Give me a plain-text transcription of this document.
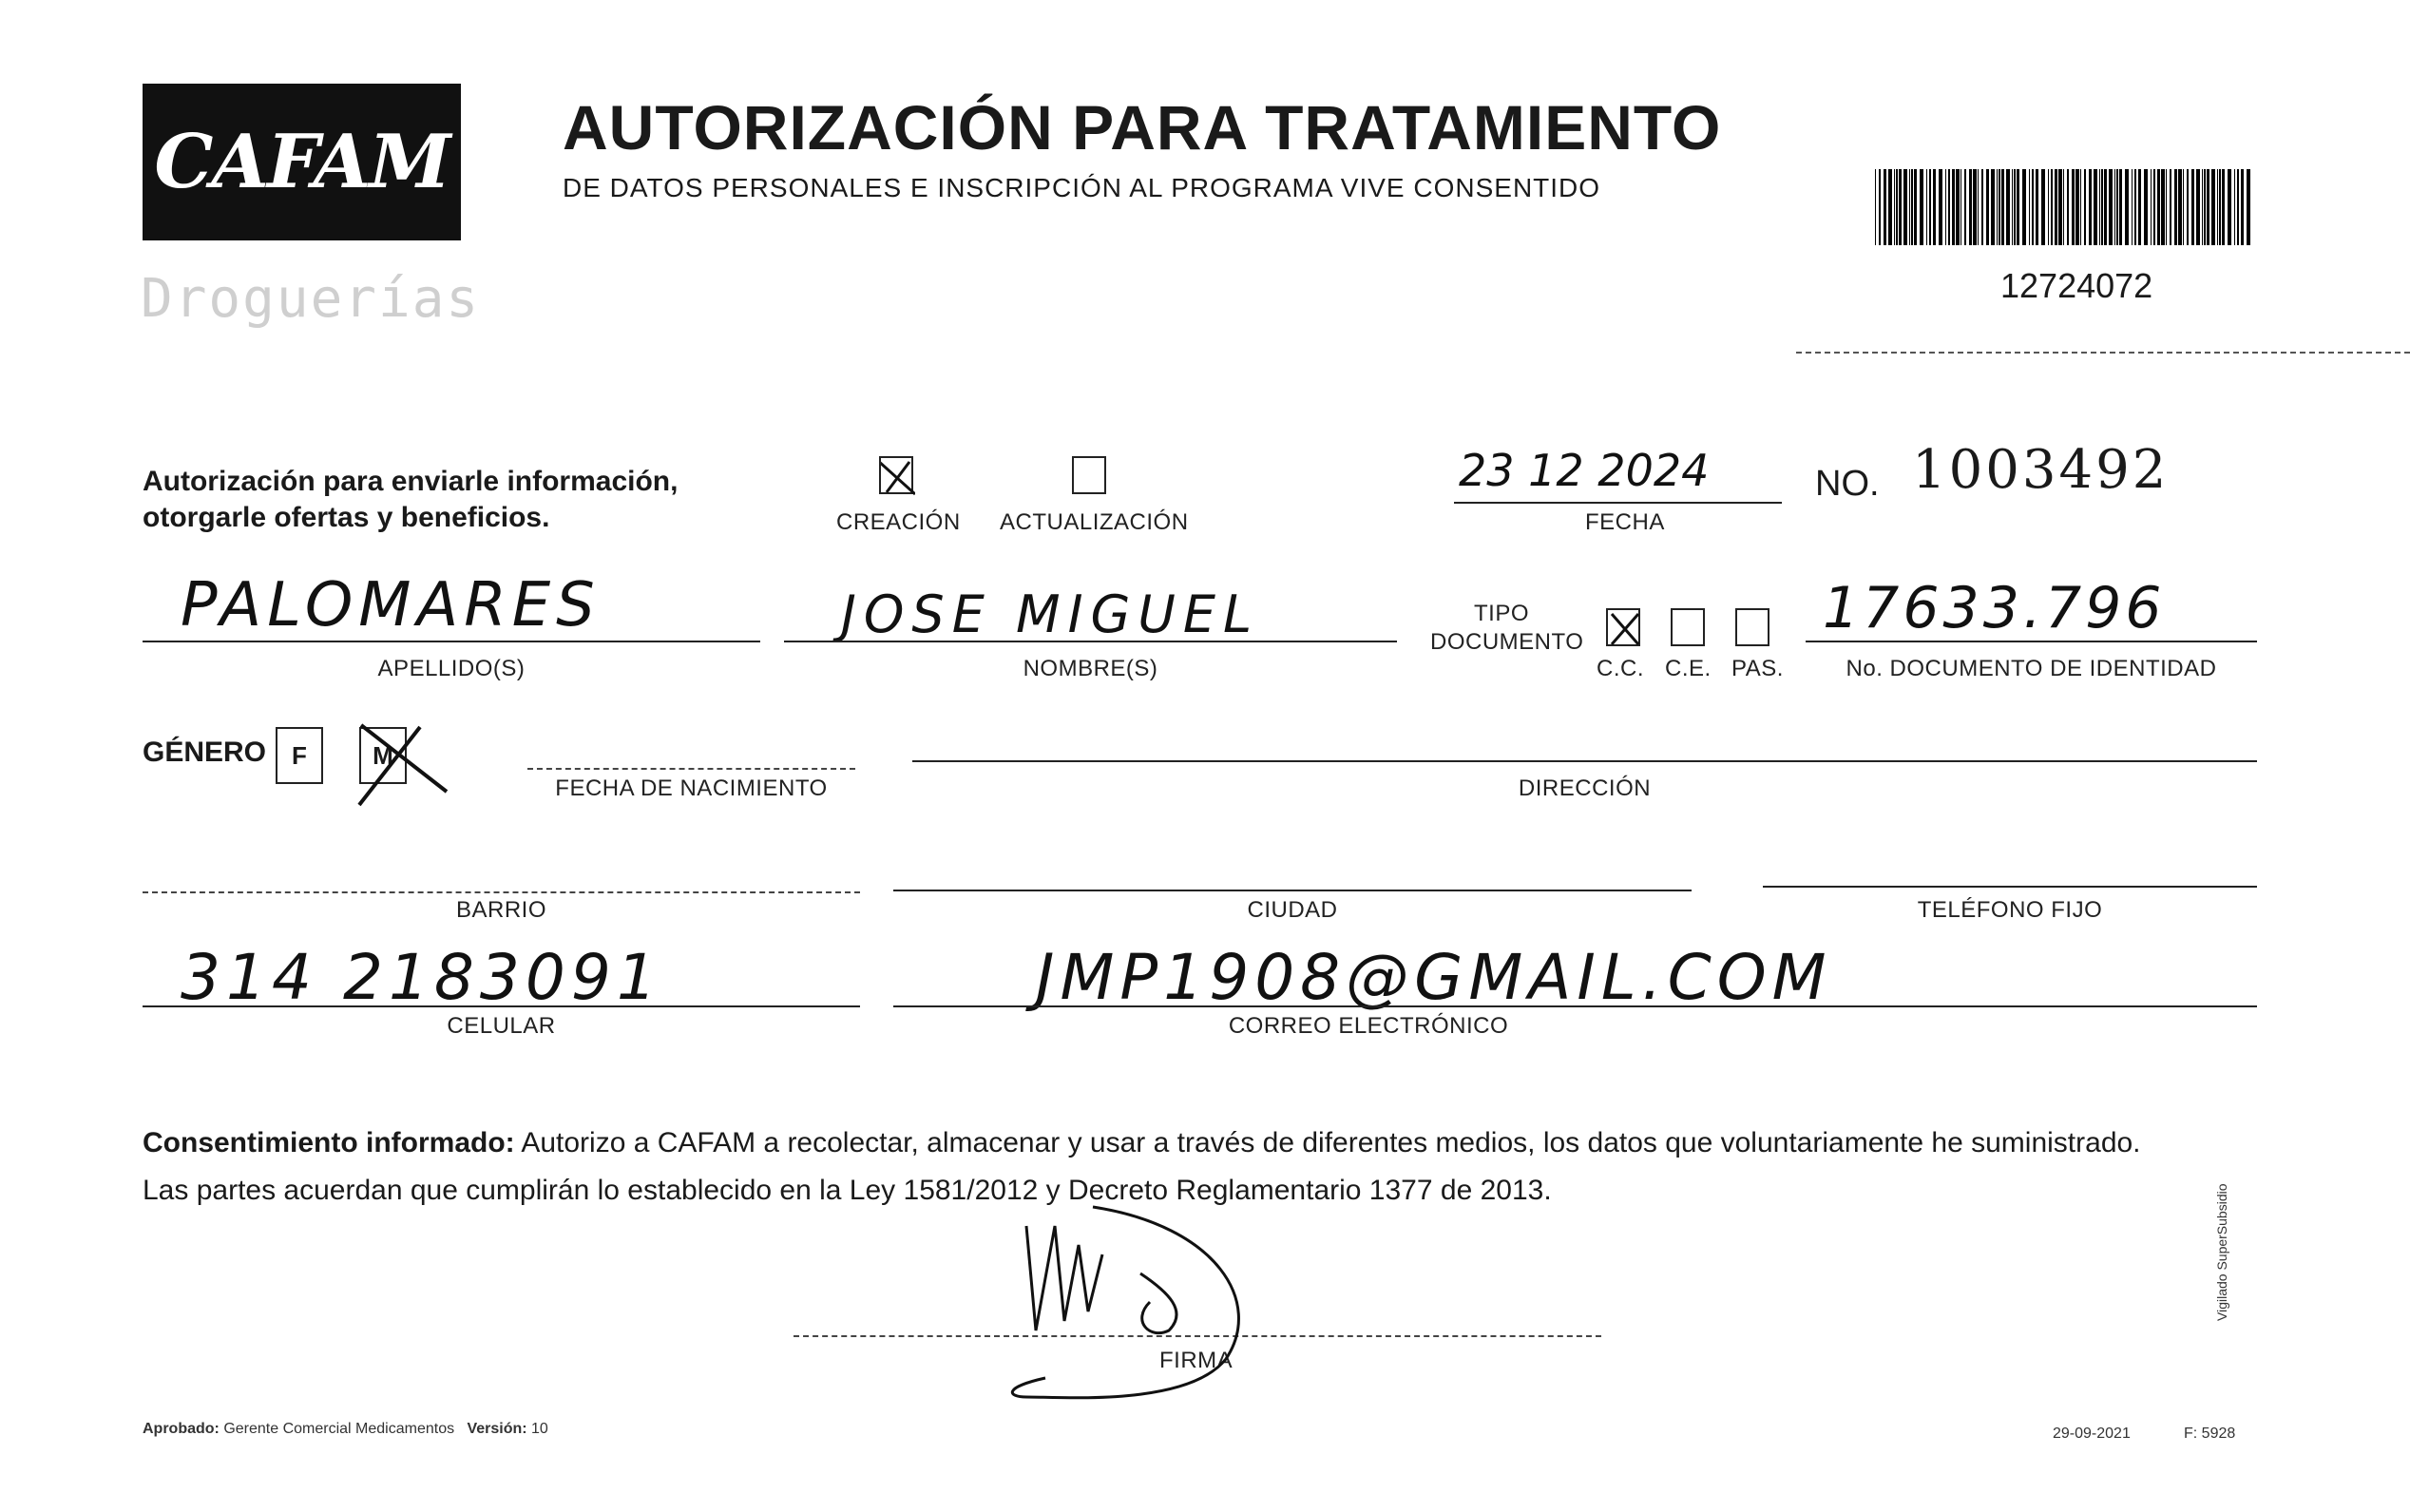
CAFAM
Droguerías
AUTORIZACIÓN PARA TRATAMIENTO
DE DATOS PERSONALES E INSCRIPCIÓN AL PROGRAMA VIVE CONSENTIDO
12724072
Autorización para enviarle información,
otorgarle ofertas y beneficios.	CREACIÓN ACTUALIZACIÓN
23 12 2024
FECHA
NO. 1003492
PALOMARES
APELLIDO(S)
JOSE MIGUEL
NOMBRE(S)
TIPO
DOCUMENTO
C.C. C.E. PAS.
17633.796
No. DOCUMENTO DE IDENTIDAD
GÉNERO	F	M
FECHA DE NACIMIENTO	DIRECCIÓN
BARRIO	CIUDAD	TELÉFONO FIJO
314 2183091
CELULAR
JMP1908@GMAIL.COM
CORREO ELECTRÓNICO
Consentimiento informado: Autorizo a CAFAM a recolectar, almacenar y usar a través de diferentes medios, los datos que voluntariamente he suministrado.
Las partes acuerdan que cumplirán lo establecido en la Ley 1581/2012 y Decreto Reglamentario 1377 de 2013.
FIRMA
Aprobado: Gerente Comercial Medicamentos Versión: 10	29-09-2021	F: 5928
Vigilado SuperSubsidio
